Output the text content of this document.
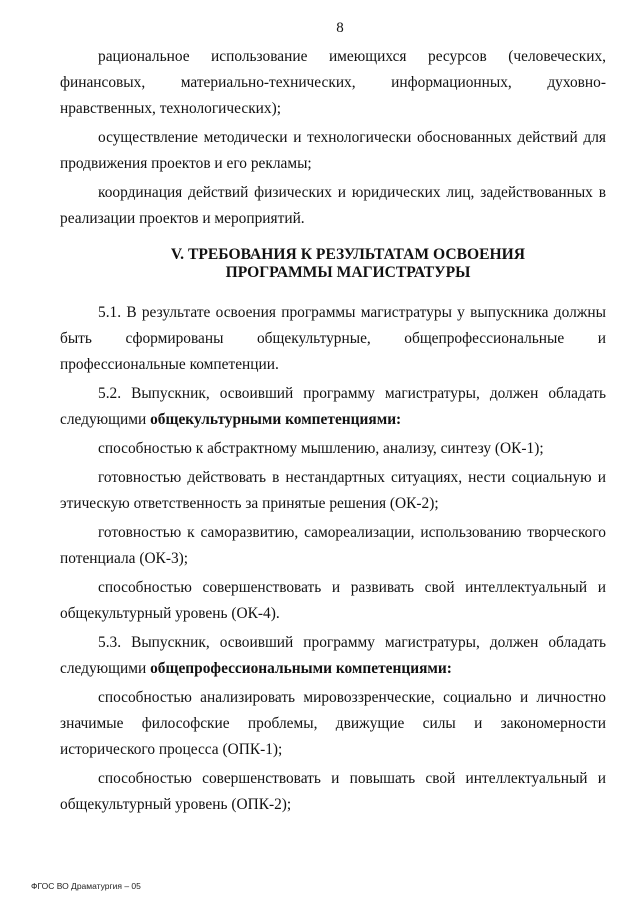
8

рациональное использование имеющихся ресурсов (человеческих, финансовых, материально-технических, информационных, духовно-нравственных, технологических);

осуществление методически и технологически обоснованных действий для продвижения проектов и его рекламы;

координация действий физических и юридических лиц, задействованных в реализации проектов и мероприятий.

V. ТРЕБОВАНИЯ К РЕЗУЛЬТАТАМ ОСВОЕНИЯ
ПРОГРАММЫ МАГИСТРАТУРЫ

5.1. В результате освоения программы магистратуры у выпускника должны быть сформированы общекультурные, общепрофессиональные и профессиональные компетенции.

5.2. Выпускник, освоивший программу магистратуры, должен обладать следующими общекультурными компетенциями:

способностью к абстрактному мышлению, анализу, синтезу (ОК-1);

готовностью действовать в нестандартных ситуациях, нести социальную и этическую ответственность за принятые решения (ОК-2);

готовностью к саморазвитию, самореализации, использованию творческого потенциала (ОК-3);

способностью совершенствовать и развивать свой интеллектуальный и общекультурный уровень (ОК-4).

5.3. Выпускник, освоивший программу магистратуры, должен обладать следующими общепрофессиональными компетенциями:

способностью анализировать мировоззренческие, социально и личностно значимые философские проблемы, движущие силы и закономерности исторического процесса (ОПК-1);

способностью совершенствовать и повышать свой интеллектуальный и общекультурный уровень (ОПК-2);

ФГОС ВО Драматургия – 05
